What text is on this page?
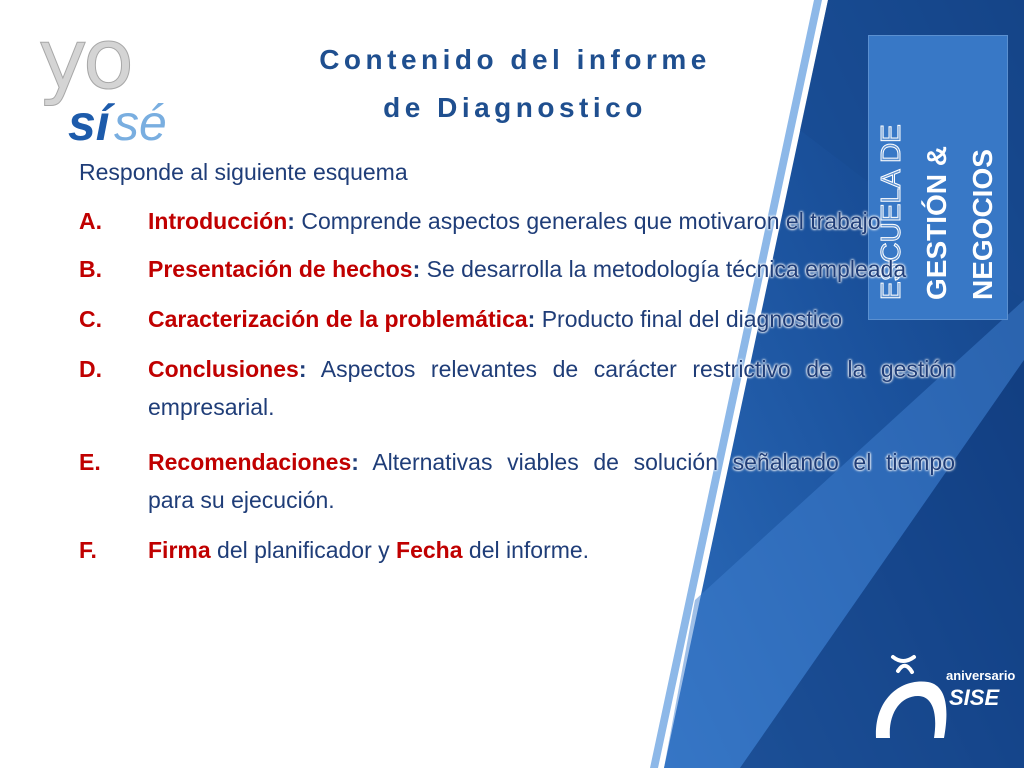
yo
sí sé
Contenido del informe
de Diagnostico
ESCUELA DE GESTIÓN & NEGOCIOS
Responde al siguiente esquema
A.	Introducción: Comprende aspectos generales que motivaron el trabajo
B.	Presentación de hechos: Se desarrolla la metodología técnica empleada
C.	Caracterización de la problemática: Producto final del diagnostico
D.	Conclusiones: Aspectos relevantes de carácter restrictivo de la gestión
empresarial.
E.	Recomendaciones: Alternativas viables de solución señalando el tiempo
para su ejecución.
F.	Firma del planificador y Fecha del informe.
aniversario
SISE
